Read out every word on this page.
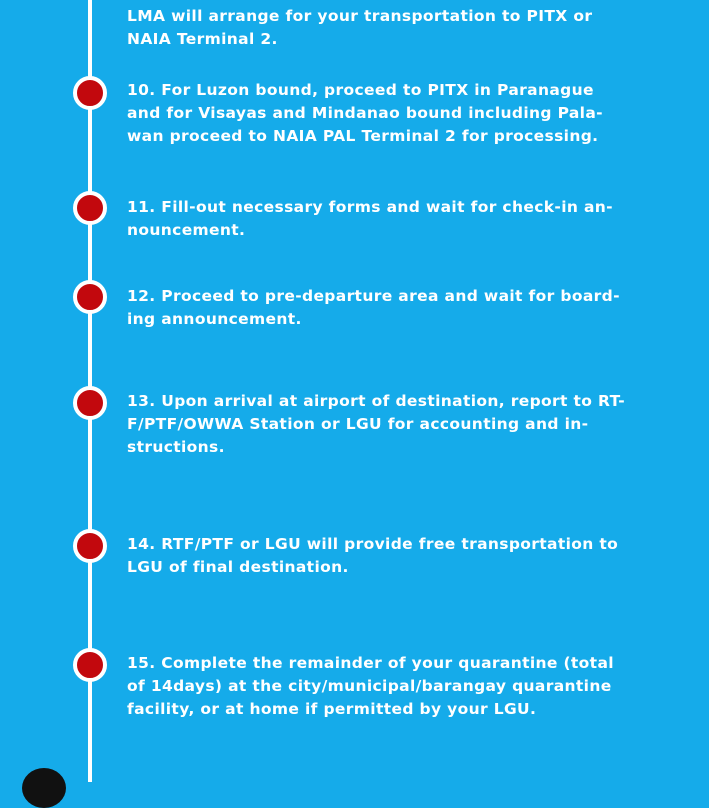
LMA will arrange for your transportation to PITX or
NAIA Terminal 2.
10. For Luzon bound, proceed to PITX in Paranague
and for Visayas and Mindanao bound including Pala-
wan proceed to NAIA PAL Terminal 2 for processing.
11. Fill-out necessary forms and wait for check-in an-
nouncement.
12. Proceed to pre-departure area and wait for board-
ing announcement.
13. Upon arrival at airport of destination, report to RT-
F/PTF/OWWA Station or LGU for accounting and in-
structions.
14. RTF/PTF or LGU will provide free transportation to
LGU of final destination.
15. Complete the remainder of your quarantine (total
of 14days) at the city/municipal/barangay quarantine
facility, or at home if permitted by your LGU.
